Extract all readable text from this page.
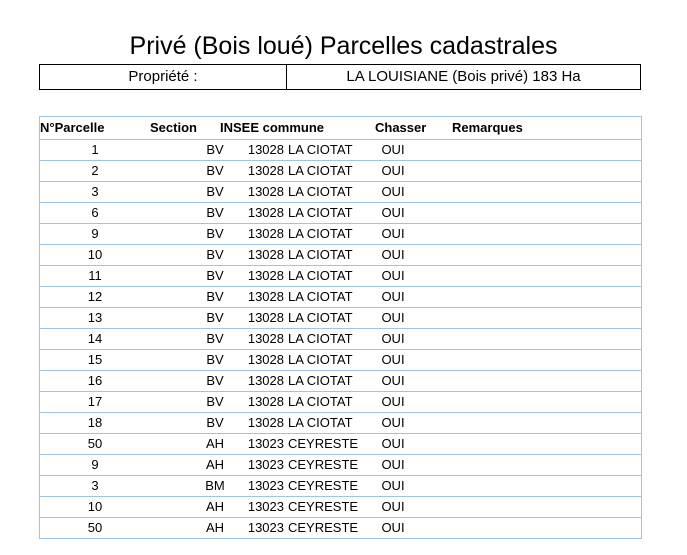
Privé (Bois loué) Parcelles cadastrales
Propriété :	LA LOUISIANE (Bois privé) 183 Ha
N°Parcelle	Section	INSEE commune	Chasser	Remarques
1	BV	13028 LA CIOTAT	OUI	
2	BV	13028 LA CIOTAT	OUI	
3	BV	13028 LA CIOTAT	OUI	
6	BV	13028 LA CIOTAT	OUI	
9	BV	13028 LA CIOTAT	OUI	
10	BV	13028 LA CIOTAT	OUI	
11	BV	13028 LA CIOTAT	OUI	
12	BV	13028 LA CIOTAT	OUI	
13	BV	13028 LA CIOTAT	OUI	
14	BV	13028 LA CIOTAT	OUI	
15	BV	13028 LA CIOTAT	OUI	
16	BV	13028 LA CIOTAT	OUI	
17	BV	13028 LA CIOTAT	OUI	
18	BV	13028 LA CIOTAT	OUI	
50	AH	13023 CEYRESTE	OUI	
9	AH	13023 CEYRESTE	OUI	
3	BM	13023 CEYRESTE	OUI	
10	AH	13023 CEYRESTE	OUI	
50	AH	13023 CEYRESTE	OUI	
